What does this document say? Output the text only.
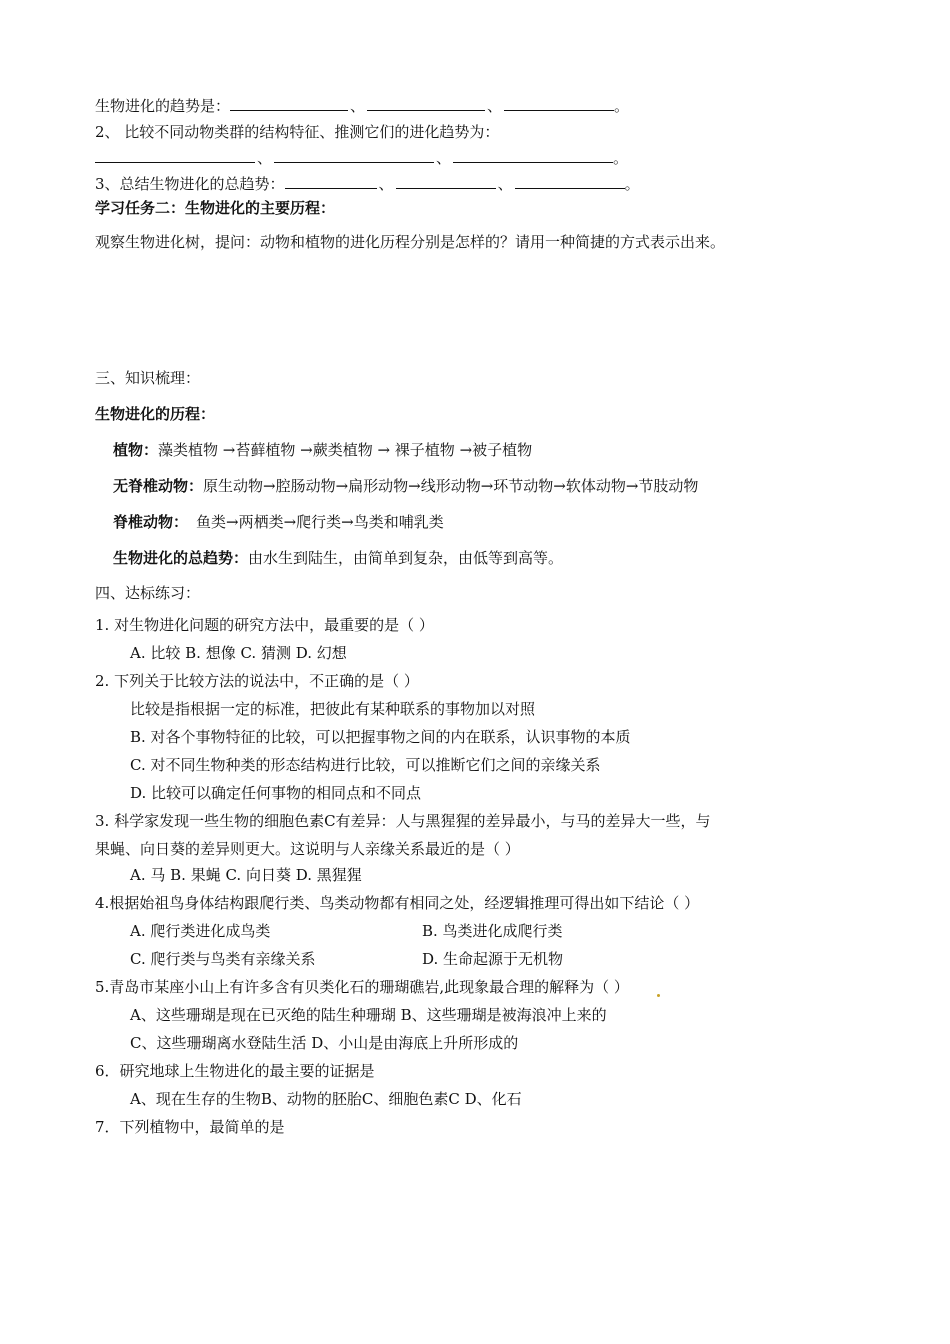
生物进化的趋势是：	、	、	。
2、 比较不同动物类群的结构特征、推测它们的进化趋势为：
、	、	。
3、总结生物进化的总趋势：	、	、	。
学习任务二：生物进化的主要历程：
观察生物进化树，提问：动物和植物的进化历程分别是怎样的？请用一种简捷的方式表示出来。
三、知识梳理：
生物进化的历程：
植物：藻类植物 →苔藓植物 →蕨类植物 → 裸子植物 →被子植物
无脊椎动物：原生动物→腔肠动物→扁形动物→线形动物→环节动物→软体动物→节肢动物
脊椎动物： 鱼类→两栖类→爬行类→鸟类和哺乳类
生物进化的总趋势：由水生到陆生，由简单到复杂，由低等到高等。
四、达标练习：
1. 对生物进化问题的研究方法中，最重要的是（ ）
A. 比较 B. 想像 C. 猜测 D. 幻想
2. 下列关于比较方法的说法中，不正确的是（ ）
比较是指根据一定的标准，把彼此有某种联系的事物加以对照
B. 对各个事物特征的比较，可以把握事物之间的内在联系，认识事物的本质
C. 对不同生物种类的形态结构进行比较，可以推断它们之间的亲缘关系
D. 比较可以确定任何事物的相同点和不同点
3. 科学家发现一些生物的细胞色素C有差异：人与黑猩猩的差异最小，与马的差异大一些，与
果蝇、向日葵的差异则更大。这说明与人亲缘关系最近的是（ ）
A. 马 B. 果蝇 C. 向日葵 D. 黑猩猩
4.根据始祖鸟身体结构跟爬行类、鸟类动物都有相同之处，经逻辑推理可得出如下结论（ ）
A. 爬行类进化成鸟类	B. 鸟类进化成爬行类
C. 爬行类与鸟类有亲缘关系	D. 生命起源于无机物
5.青岛市某座小山上有许多含有贝类化石的珊瑚礁岩,此现象最合理的解释为（ ）
A、这些珊瑚是现在已灭绝的陆生种珊瑚 B、这些珊瑚是被海浪冲上来的
C、这些珊瑚离水登陆生活 D、小山是由海底上升所形成的
6．研究地球上生物进化的最主要的证据是
A、现在生存的生物B、动物的胚胎C、细胞色素C D、化石
7．下列植物中，最简单的是
